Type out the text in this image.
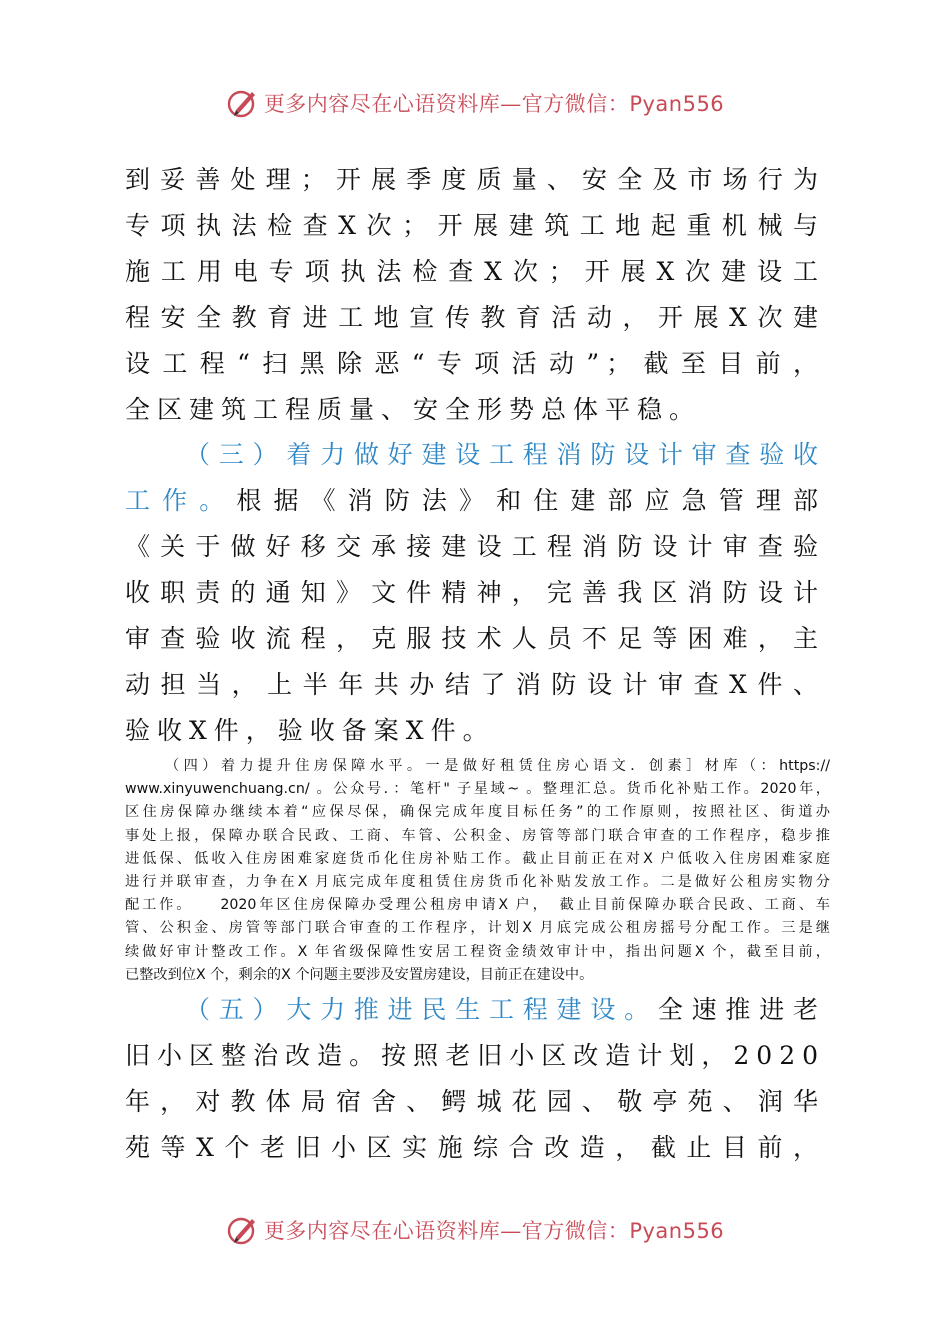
更多内容尽在心语资料库—官方微信：Pyan556
到妥善处理；开展季度质量、安全及市场行为
专项执法检查X次；开展建筑工地起重机械与
施工用电专项执法检查X次；开展X次建设工
程安全教育进工地宣传教育活动，开展X次建
设工程“扫黑除恶“专项活动”；截至目前，
全区建筑工程质量、安全形势总体平稳。
（三）着力做好建设工程消防设计审查验收
工作。根据《消防法》和住建部应急管理部
《关于做好移交承接建设工程消防设计审查验
收职责的通知》文件精神，完善我区消防设计
审查验收流程，克服技术人员不足等困难，主
动担当，上半年共办结了消防设计审查X件、
验收X件，验收备案X件。
（四）着力提升住房保障水平。一是做好租赁住房心语文．创素］材库（：https://
www.xinyuwenchuang.cn/ 。公众号．：笔杆" 子星域~ 。整理汇总。货币化补贴工作。2020年，
区住房保障办继续本着“应保尽保，确保完成年度目标任务”的工作原则，按照社区、街道办
事处上报，保障办联合民政、工商、车管、公积金、房管等部门联合审查的工作程序，稳步推
进低保、低收入住房困难家庭货币化住房补贴工作。截止目前正在对X 户低收入住房困难家庭
进行并联审查，力争在X 月底完成年度租赁住房货币化补贴发放工作。二是做好公租房实物分
配工作。　　2020年区住房保障办受理公租房申请X 户，　截止目前保障办联合民政、工商、车
管、公积金、房管等部门联合审查的工作程序，计划X 月底完成公租房摇号分配工作。三是继
续做好审计整改工作。X 年省级保障性安居工程资金绩效审计中，指出问题X 个，截至目前，
已整改到位X 个，剩余的X 个问题主要涉及安置房建设，目前正在建设中。
（五）大力推进民生工程建设。全速推进老
旧小区整治改造。按照老旧小区改造计划，2020
年，对教体局宿舍、鳄城花园、敬亭苑、润华
苑等X个老旧小区实施综合改造，截止目前，
更多内容尽在心语资料库—官方微信：Pyan556
